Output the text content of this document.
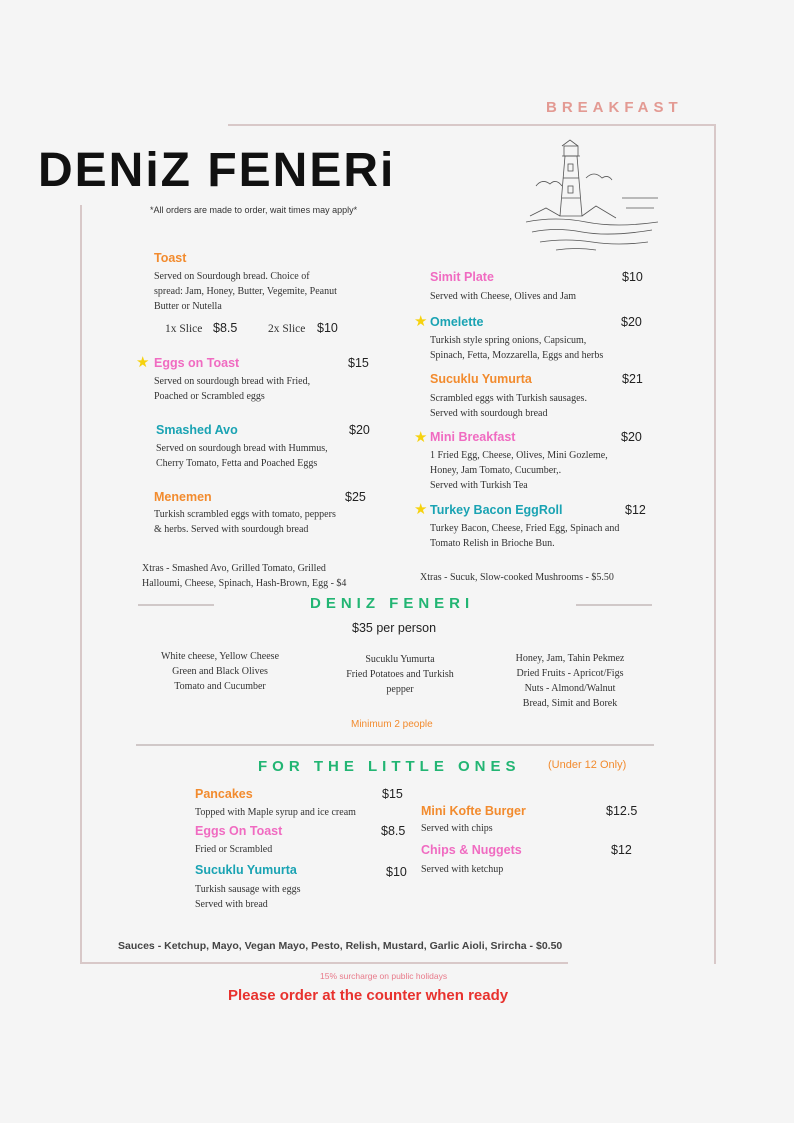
BREAKFAST
DENiZ FENERi
*All orders are made to order, wait times may apply*
Toast
Served on Sourdough bread. Choice of
spread: Jam, Honey, Butter, Vegemite, Peanut
Butter or Nutella
1x Slice $8.5	2x Slice $10
★ Eggs on Toast	$15
Served on sourdough bread with Fried,
Poached or Scrambled eggs
Smashed Avo	$20
Served on sourdough bread with Hummus,
Cherry Tomato, Fetta and Poached Eggs
Menemen	$25
Turkish scrambled eggs with tomato, peppers
& herbs. Served with sourdough bread
Xtras - Smashed Avo, Grilled Tomato, Grilled
Halloumi, Cheese, Spinach, Hash-Brown, Egg - $4
Simit Plate	$10
Served with Cheese, Olives and Jam
★ Omelette	$20
Turkish style spring onions, Capsicum,
Spinach, Fetta, Mozzarella, Eggs and herbs
Sucuklu Yumurta	$21
Scrambled eggs with Turkish sausages.
Served with sourdough bread
★ Mini Breakfast	$20
1 Fried Egg, Cheese, Olives, Mini Gozleme,
Honey, Jam Tomato, Cucumber,.
Served with Turkish Tea
★ Turkey Bacon EggRoll	$12
Turkey Bacon, Cheese, Fried Egg, Spinach and
Tomato Relish in Brioche Bun.
Xtras - Sucuk, Slow-cooked Mushrooms - $5.50
DENIZ FENERI
$35 per person
White cheese, Yellow Cheese
Green and Black Olives
Tomato and Cucumber
Sucuklu Yumurta
Fried Potatoes and Turkish
pepper
Honey, Jam, Tahin Pekmez
Dried Fruits - Apricot/Figs
Nuts - Almond/Walnut
Bread, Simit and Borek
Minimum 2 people
FOR THE LITTLE ONES	(Under 12 Only)
Pancakes	$15
Topped with Maple syrup and ice cream
Eggs On Toast	$8.5
Fried or Scrambled
Sucuklu Yumurta	$10
Turkish sausage with eggs
Served with bread
Mini Kofte Burger	$12.5
Served with chips
Chips & Nuggets	$12
Served with ketchup
Sauces - Ketchup, Mayo, Vegan Mayo, Pesto, Relish, Mustard, Garlic Aioli, Srircha - $0.50
15% surcharge on public holidays
Please order at the counter when ready
